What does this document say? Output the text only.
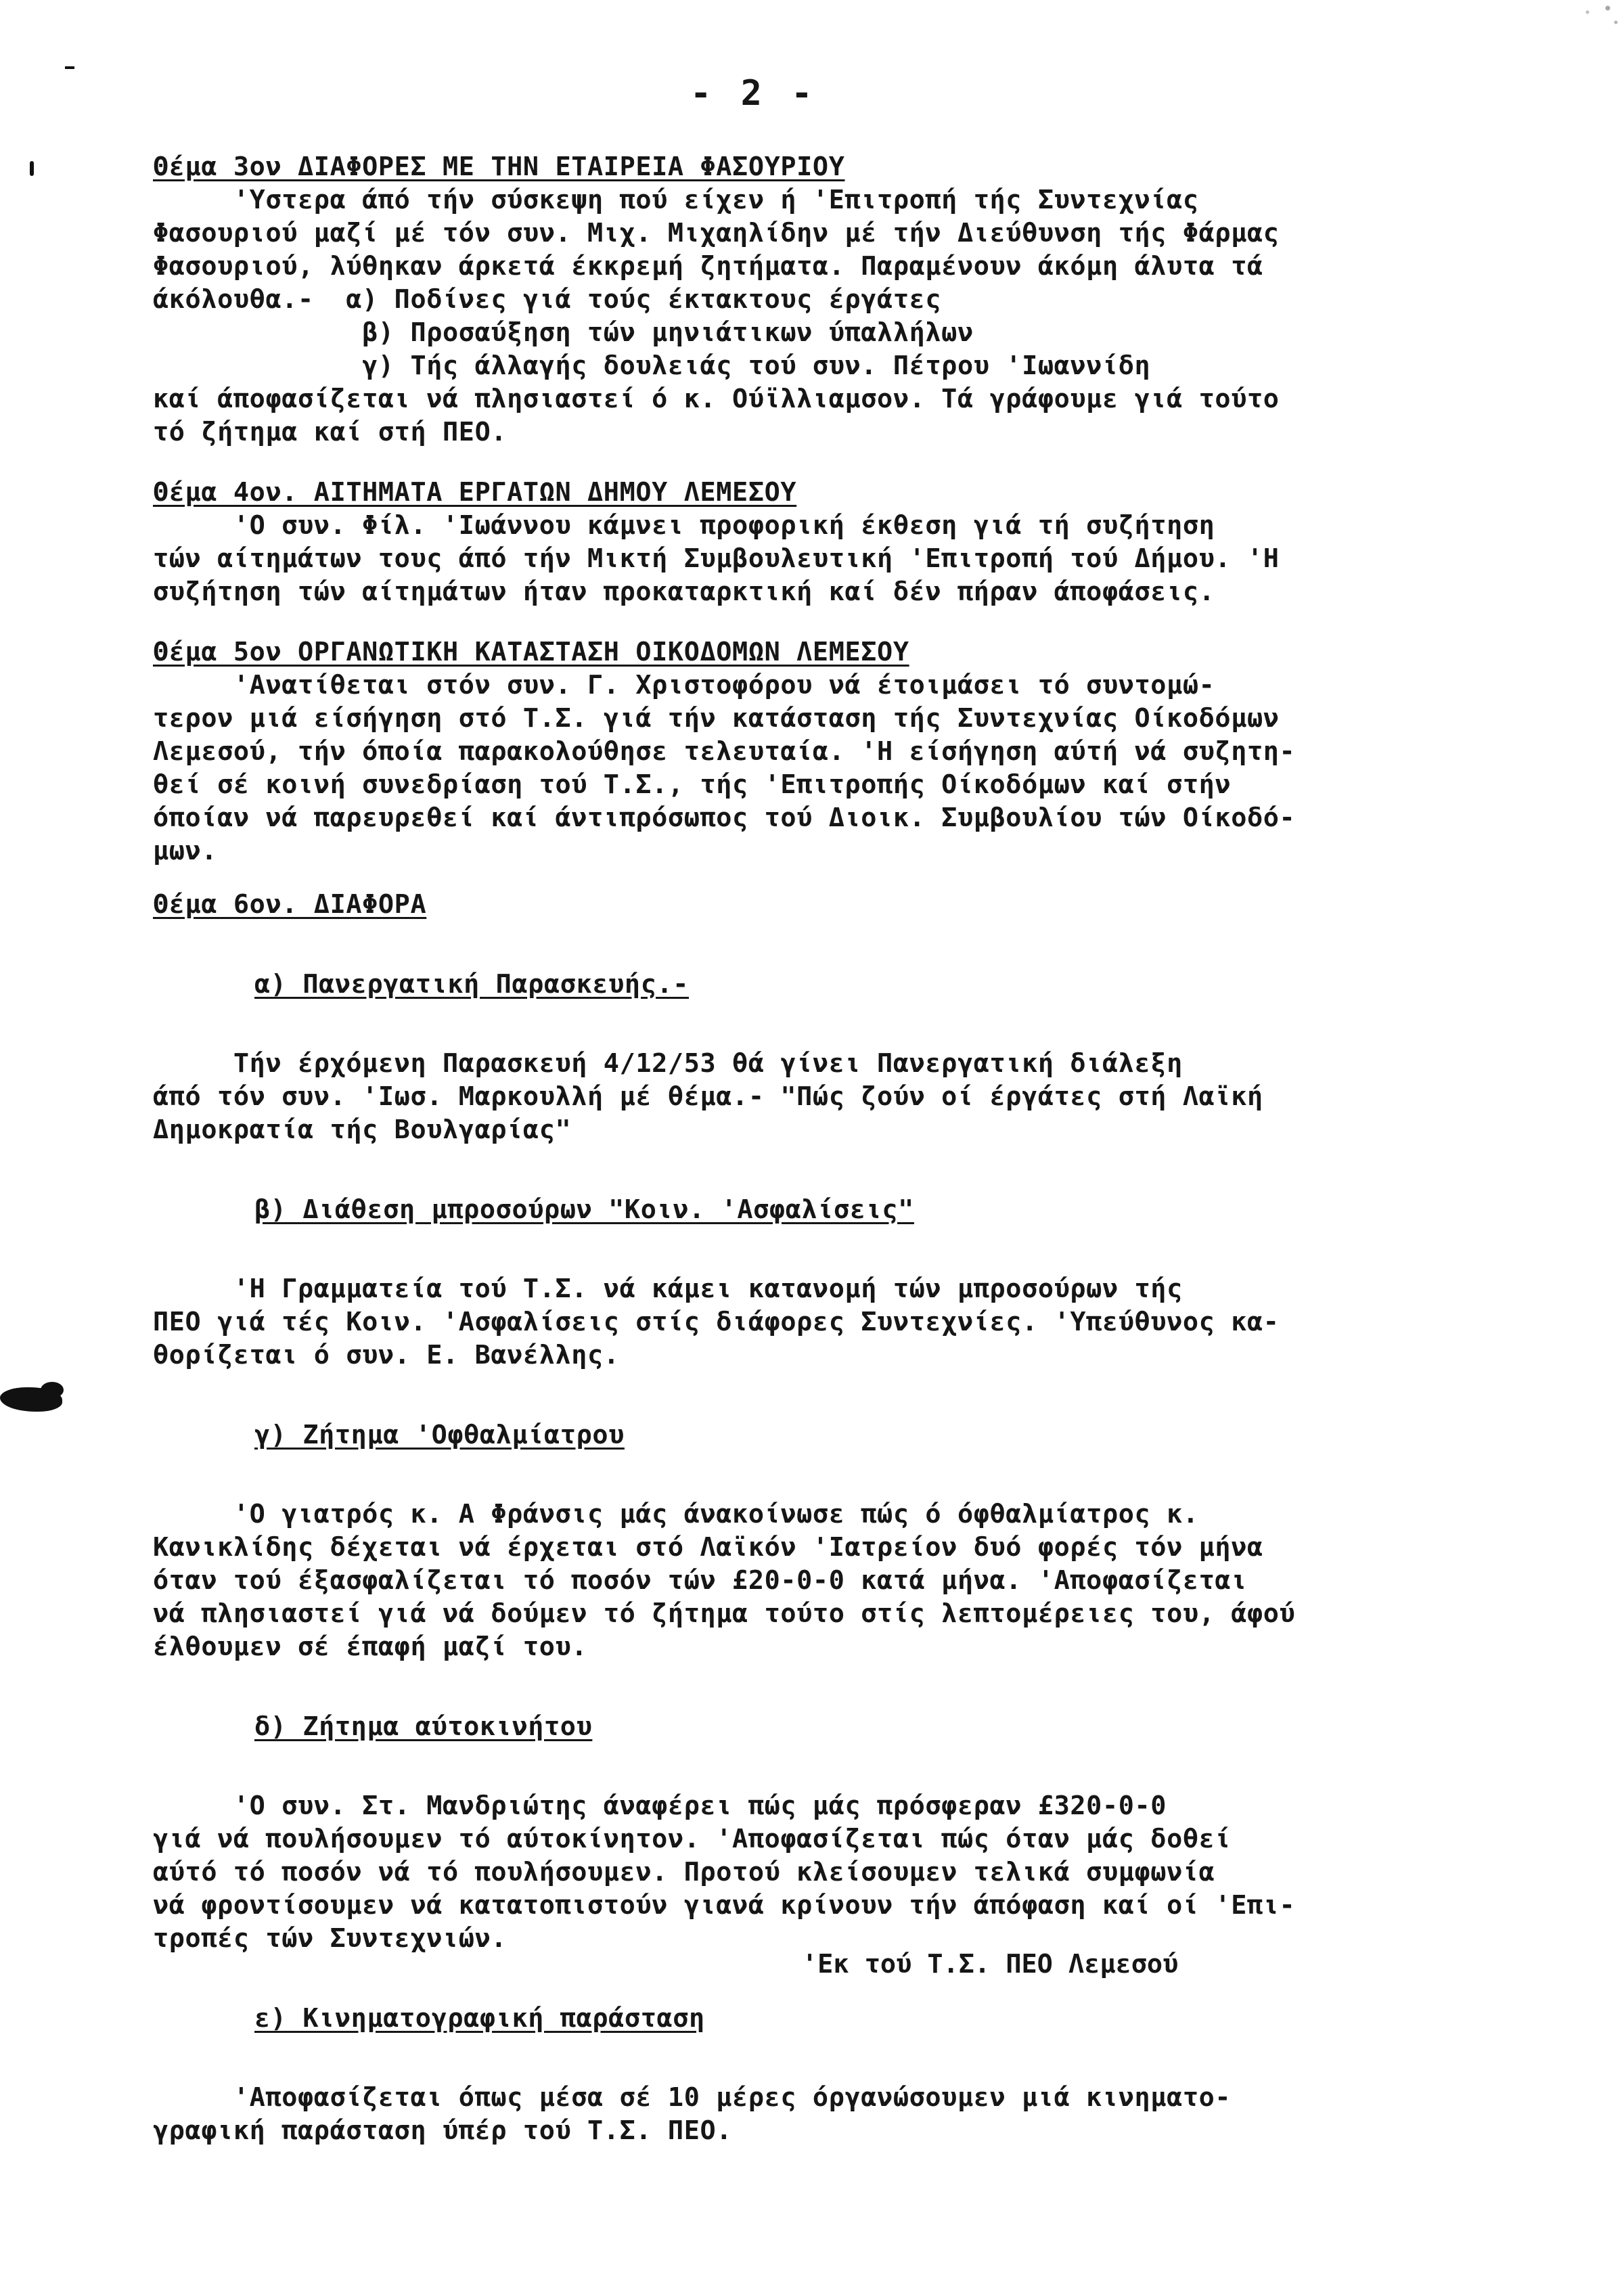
- 2 -

Θέμα 3ον ΔΙΑΦΟΡΕΣ ΜΕ ΤΗΝ ΕΤΑΙΡΕΙΑ ΦΑΣΟΥΡΙΟΥ

'Υστερα άπό τήν σύσκεψη πού είχεν ή 'Επιτροπή τής Συντεχνίας

Φασουριού μαζί μέ τόν συν. Μιχ. Μιχαηλίδην μέ τήν Διεύθυνση τής Φάρμας

Φασουριού, λύθηκαν άρκετά έκκρεμή ζητήματα. Παραμένουν άκόμη άλυτα τά

άκόλουθα.-  α) Ποδίνες γιά τούς έκτακτους έργάτες

β) Προσαύξηση τών μηνιάτικων ύπαλλήλων

γ) Τής άλλαγής δουλειάς τού συν. Πέτρου 'Ιωαννίδη

καί άποφασίζεται νά πλησιαστεί ό κ. Ούϊλλιαμσον. Τά γράφουμε γιά τούτο

τό ζήτημα καί στή ΠΕΟ.

Θέμα 4ον. ΑΙΤΗΜΑΤΑ ΕΡΓΑΤΩΝ ΔΗΜΟΥ ΛΕΜΕΣΟΥ

'Ο συν. Φίλ. 'Ιωάννου κάμνει προφορική έκθεση γιά τή συζήτηση

τών αίτημάτων τους άπό τήν Μικτή Συμβουλευτική 'Επιτροπή τού Δήμου. 'Η

συζήτηση τών αίτημάτων ήταν προκαταρκτική καί δέν πήραν άποφάσεις.

Θέμα 5ον ΟΡΓΑΝΩΤΙΚΗ ΚΑΤΑΣΤΑΣΗ ΟΙΚΟΔΟΜΩΝ ΛΕΜΕΣΟΥ

'Ανατίθεται στόν συν. Γ. Χριστοφόρου νά έτοιμάσει τό συντομώ-

τερον μιά είσήγηση στό Τ.Σ. γιά τήν κατάσταση τής Συντεχνίας Οίκοδόμων

Λεμεσού, τήν όποία παρακολούθησε τελευταία. 'Η είσήγηση αύτή νά συζητη-

θεί σέ κοινή συνεδρίαση τού Τ.Σ., τής 'Επιτροπής Οίκοδόμων καί στήν

όποίαν νά παρευρεθεί καί άντιπρόσωπος τού Διοικ. Συμβουλίου τών Οίκοδό-

μων.

Θέμα 6ον. ΔΙΑΦΟΡΑ

α) Πανεργατική Παρασκευής.-

Τήν έρχόμενη Παρασκευή 4/12/53 θά γίνει Πανεργατική διάλεξη

άπό τόν συν. 'Ιωσ. Μαρκουλλή μέ θέμα.- "Πώς ζούν οί έργάτες στή Λαϊκή

Δημοκρατία τής Βουλγαρίας"

β) Διάθεση μπροσούρων "Κοιν. 'Ασφαλίσεις"

'Η Γραμματεία τού Τ.Σ. νά κάμει κατανομή τών μπροσούρων τής

ΠΕΟ γιά τές Κοιν. 'Ασφαλίσεις στίς διάφορες Συντεχνίες. 'Υπεύθυνος κα-

θορίζεται ό συν. Ε. Βανέλλης.

γ) Ζήτημα 'Οφθαλμίατρου

'Ο γιατρός κ. Α Φράνσις μάς άνακοίνωσε πώς ό όφθαλμίατρος κ.

Κανικλίδης δέχεται νά έρχεται στό Λαϊκόν 'Ιατρείον δυό φορές τόν μήνα

όταν τού έξασφαλίζεται τό ποσόν τών £20-0-0 κατά μήνα. 'Αποφασίζεται

νά πλησιαστεί γιά νά δούμεν τό ζήτημα τούτο στίς λεπτομέρειες του, άφού

έλθουμεν σέ έπαφή μαζί του.

δ) Ζήτημα αύτοκινήτου

'Ο συν. Στ. Μανδριώτης άναφέρει πώς μάς πρόσφεραν £320-0-0

γιά νά πουλήσουμεν τό αύτοκίνητον. 'Αποφασίζεται πώς όταν μάς δοθεί

αύτό τό ποσόν νά τό πουλήσουμεν. Προτού κλείσουμεν τελικά συμφωνία

νά φροντίσουμεν νά κατατοπιστούν γιανά κρίνουν τήν άπόφαση καί οί 'Επι-

τροπές τών Συντεχνιών.

ε) Κινηματογραφική παράσταση

'Αποφασίζεται όπως μέσα σέ 10 μέρες όργανώσουμεν μιά κινηματο-

γραφική παράσταση ύπέρ τού Τ.Σ. ΠΕΟ.

'Εκ τού Τ.Σ. ΠΕΟ Λεμεσού
